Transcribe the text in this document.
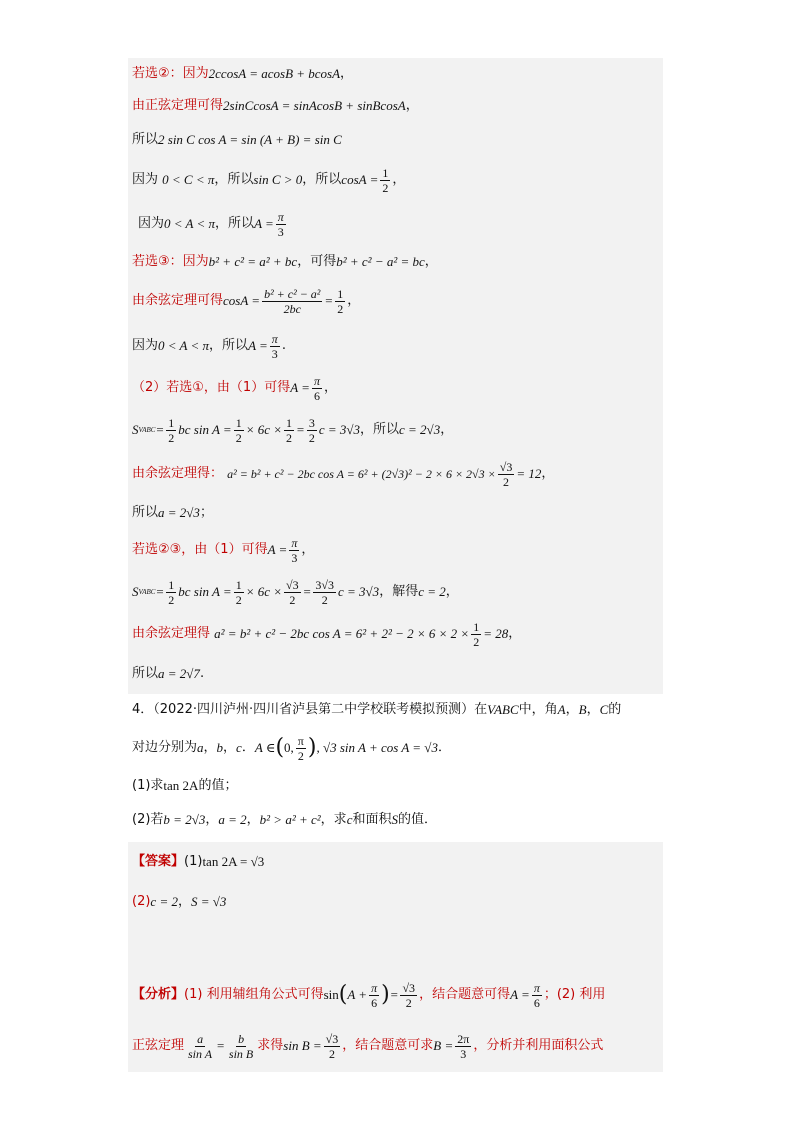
若选②：因为 2ccosA = acosB + bcosA ，
由正弦定理可得 2sinCcosA = sinAcosB + sinBcosA ，
所以 2 sin C cos A = sin (A + B) = sin C
因为
0 < C < π ，所以 sin C > 0 ，所以 $\cos A = \frac{1}{2}$ ，
因为 0 < A < π ，所以 $A = \frac{\pi}{3}$
若选③：因为 b² + c² = a² + bc ，可得 b² + c² − a² = bc ，
由余弦定理可得 $\cos A = \frac{\text{b² + c² − a²}}{2bc} = \frac{1}{2}$ ，
因为 0 < A < π ，所以 $A = \frac{\pi}{3}$ .
（2）若选①，由（1）可得 $A = \frac{\pi}{6}$ ，
S VABC = $\frac{1}{2}$ bc $\sin A = \frac{1}{2} \times 6c \times \frac{1}{2} = \frac{3}{2}$ c = 3√3 ，所以 c = 2√3 ，
由余弦定理得：
a² = b² + c² − 2bc $\cos A = 6^2 + (2√3)^2 - 2 \times 6 \times 2√3 \times \frac{√3}{2} = 12$ ，
所以 a = 2√3 ；
若选②③，由（1）可得 $A = \frac{\pi}{3}$ ，
S VABC = $\frac{1}{2}$ bc $\sin A = \frac{1}{2} \times 6c \times \frac{√3}{2} = \frac{3√3}{2}$ c = 3√3 ，解得 c = 2 ，
由余弦定理得
a² = b² + c² − 2bc $\cos A = 6^2 + 2^2 - 2 \times 6 \times 2 \times \frac{1}{2} = 28$ ，
所以 a = 2√7 .
4．（2022·四川泸州·四川省泸县第二中学校联考模拟预测）在 VABC 中，角 A ， B ， C 的
对边分别为 a ， b ， c ． A ∈ ( 0, $\frac{\pi}{2}$ ) , √3 sin A + cos A = √3 ．
(1)求 tan 2A 的值；
(2)若 b = 2√3 ， a = 2 ， b² > a² + c² ，求 c 和面积 S 的值．
【答案】 (1) tan 2A = √3
(2) c = 2 ， S = √3
【分析】 (1) 利用辅组角公式可得 sin ( $A + \frac{\pi}{6}$ ) = $\frac{√3}{2}$ ，结合题意可得 $A = \frac{\pi}{6}$ ；(2) 利用
正弦定理 $\frac{a}{\text{sin A}} = \frac{b}{\text{sin B}}$ 求得 $\sin B = \frac{√3}{2}$ ，结合题意可求 $B = \frac{2\pi}{3}$ ，分析并利用面积公式
